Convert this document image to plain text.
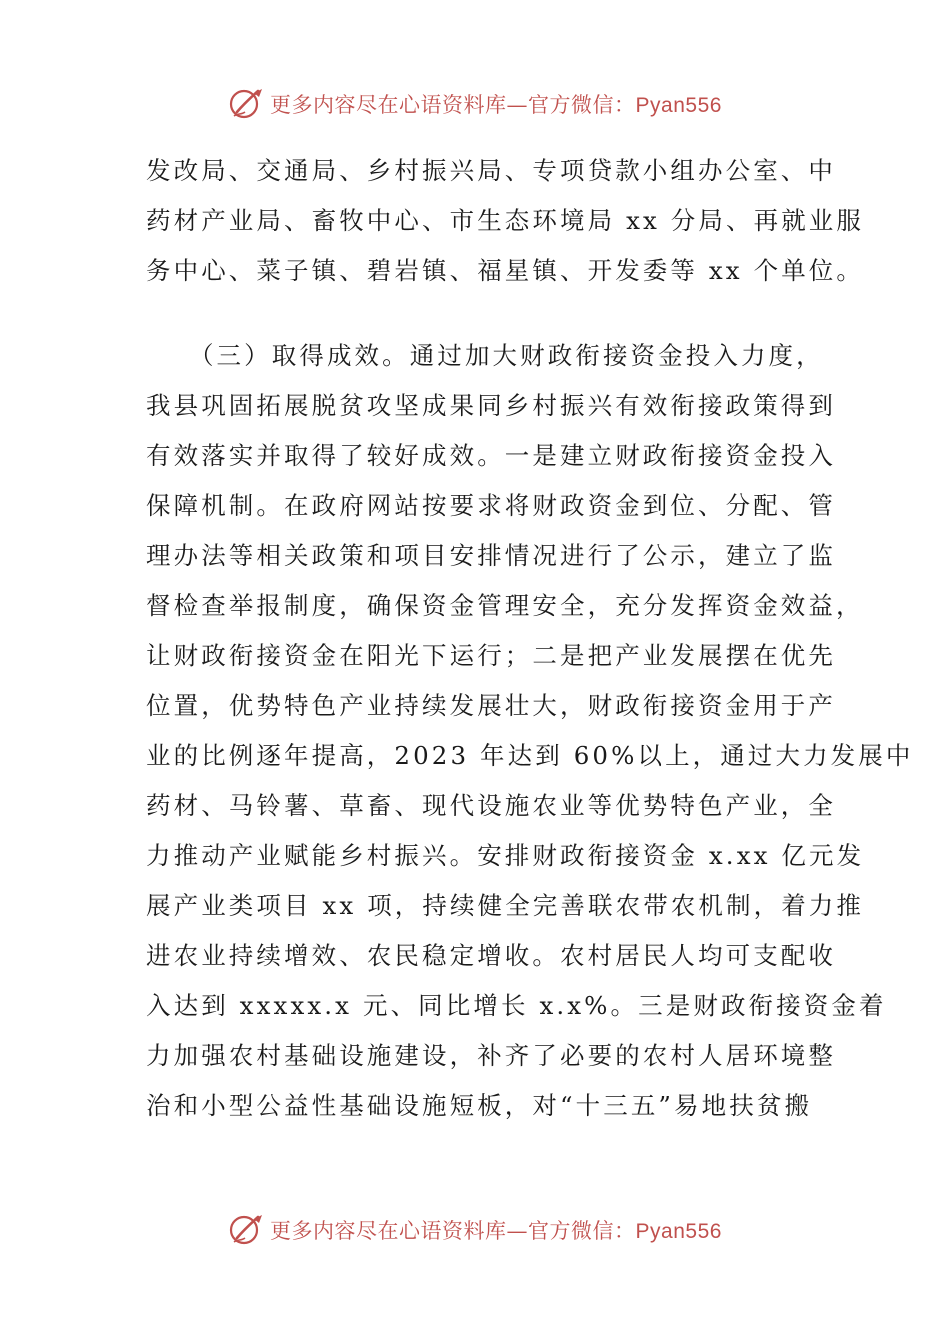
更多内容尽在心语资料库—官方微信：Pyan556
发改局、交通局、乡村振兴局、专项贷款小组办公室、中
药材产业局、畜牧中心、市生态环境局 xx 分局、再就业服
务中心、菜子镇、碧岩镇、福星镇、开发委等 xx 个单位。
　　（三）取得成效。通过加大财政衔接资金投入力度，
我县巩固拓展脱贫攻坚成果同乡村振兴有效衔接政策得到
有效落实并取得了较好成效。一是建立财政衔接资金投入
保障机制。在政府网站按要求将财政资金到位、分配、管
理办法等相关政策和项目安排情况进行了公示，建立了监
督检查举报制度，确保资金管理安全，充分发挥资金效益，
让财政衔接资金在阳光下运行；二是把产业发展摆在优先
位置，优势特色产业持续发展壮大，财政衔接资金用于产
业的比例逐年提高，2023 年达到 60%以上，通过大力发展中
药材、马铃薯、草畜、现代设施农业等优势特色产业，全
力推动产业赋能乡村振兴。安排财政衔接资金 x.xx 亿元发
展产业类项目 xx 项，持续健全完善联农带农机制，着力推
进农业持续增效、农民稳定增收。农村居民人均可支配收
入达到 xxxxx.x 元、同比增长 x.x%。三是财政衔接资金着
力加强农村基础设施建设，补齐了必要的农村人居环境整
治和小型公益性基础设施短板，对“十三五”易地扶贫搬
更多内容尽在心语资料库—官方微信：Pyan556
